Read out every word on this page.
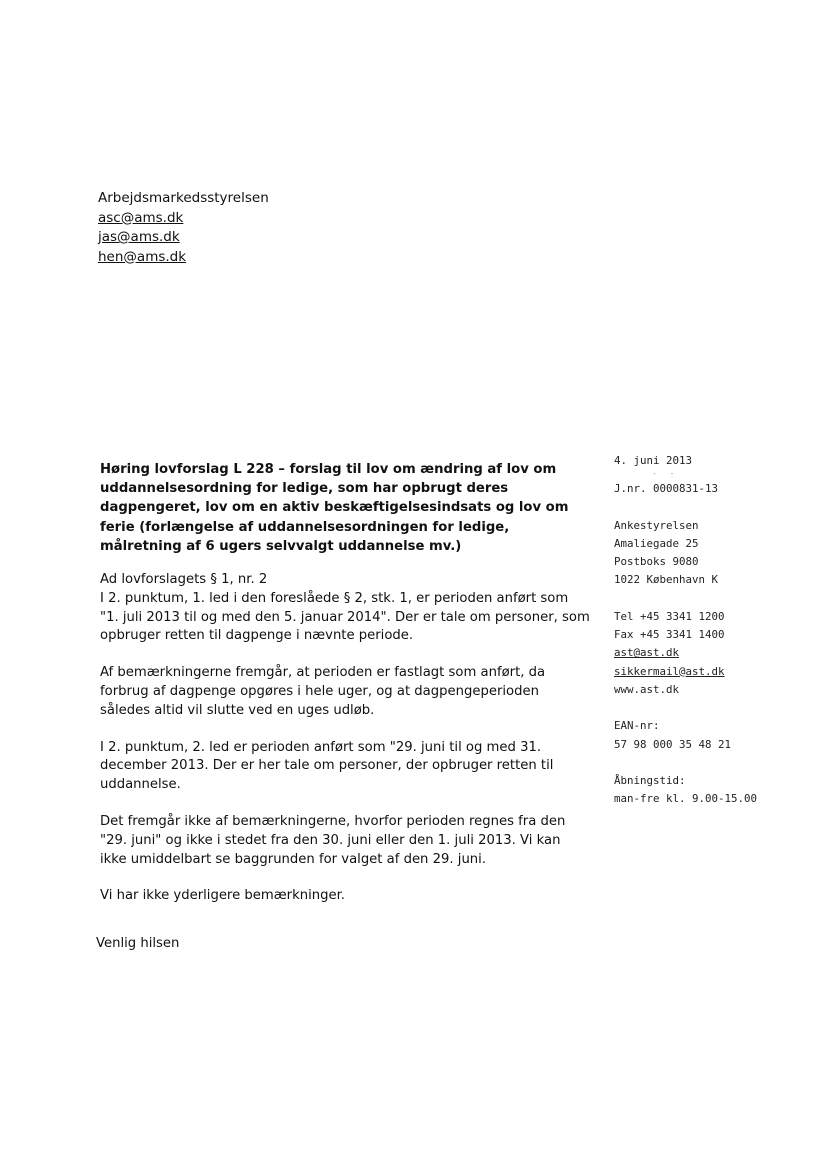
Arbejdsmarkedsstyrelsen
asc@ams.dk
jas@ams.dk
hen@ams.dk

Høring lovforslag L 228 – forslag til lov om ændring af lov om uddannelsesordning for ledige, som har opbrugt deres dagpengeret, lov om en aktiv beskæftigelsesindsats og lov om ferie (forlængelse af uddannelsesordningen for ledige, målretning af 6 ugers selvvalgt uddannelse mv.)

Ad lovforslagets § 1, nr. 2
I 2. punktum, 1. led i den foreslåede § 2, stk. 1, er perioden anført som "1. juli 2013 til og med den 5. januar 2014". Der er tale om personer, som opbruger retten til dagpenge i nævnte periode.

Af bemærkningerne fremgår, at perioden er fastlagt som anført, da forbrug af dagpenge opgøres i hele uger, og at dagpengeperioden således altid vil slutte ved en uges udløb.

I 2. punktum, 2. led er perioden anført som "29. juni til og med 31. december 2013. Der er her tale om personer, der opbruger retten til uddannelse.

Det fremgår ikke af bemærkningerne, hvorfor perioden regnes fra den "29. juni" og ikke i stedet fra den 30. juni eller den 1. juli 2013. Vi kan ikke umiddelbart se baggrunden for valget af den 29. juni.

Vi har ikke yderligere bemærkninger.

Venlig hilsen
4. juni 2013
- -
J.nr. 0000831-13
Ankestyrelsen
Amaliegade 25
Postboks 9080
1022 København K
Tel +45 3341 1200
Fax +45 3341 1400
ast@ast.dk
sikkermail@ast.dk
www.ast.dk
EAN-nr:
57 98 000 35 48 21
Åbningstid:
man-fre kl. 9.00-15.00
